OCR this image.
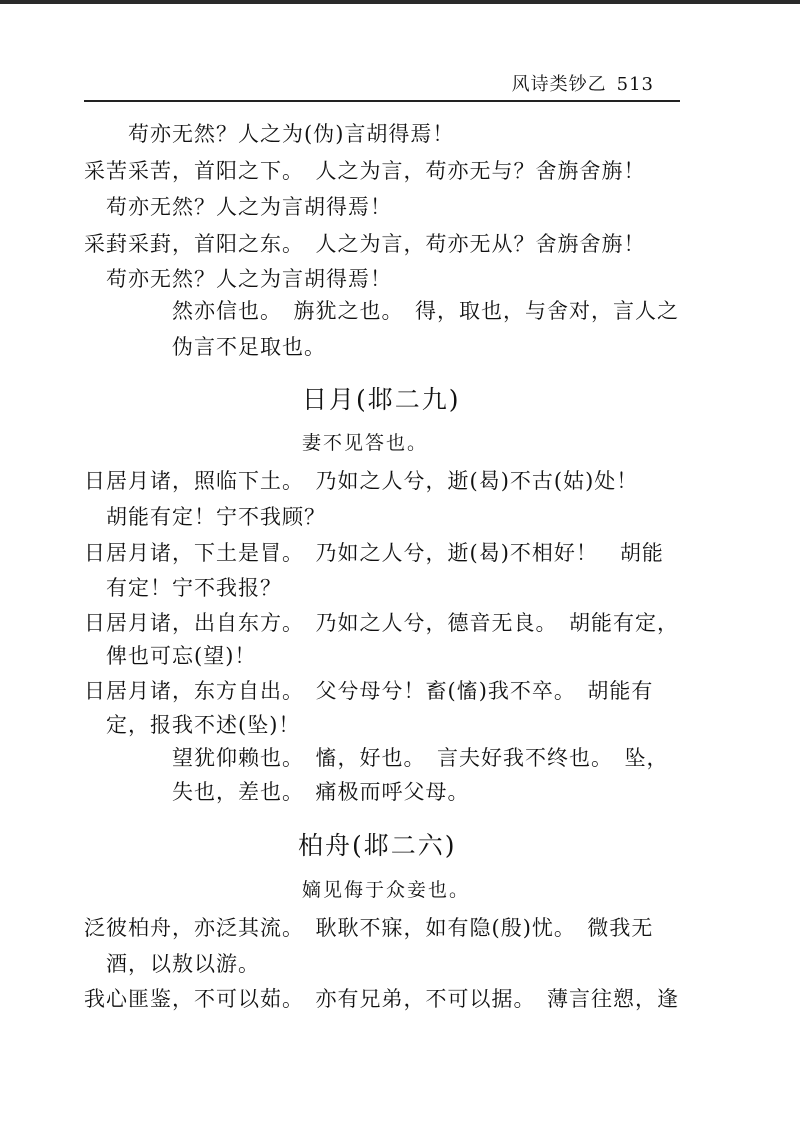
风诗类钞乙 513
苟亦无然？人之为(伪)言胡得焉！
采苦采苦，首阳之下。　人之为言，苟亦无与？舍旃舍旃！
苟亦无然？人之为言胡得焉！
采葑采葑，首阳之东。　人之为言，苟亦无从？舍旃舍旃！
苟亦无然？人之为言胡得焉！
然亦信也。　旃犹之也。　得，取也，与舍对，言人之
伪言不足取也。
日月(邶二九)
妻不见答也。
日居月诸，照临下土。　乃如之人兮，逝(曷)不古(姑)处！
胡能有定！宁不我顾？
日居月诸，下土是冒。　乃如之人兮，逝(曷)不相好！　胡能
有定！宁不我报？
日居月诸，出自东方。　乃如之人兮，德音无良。　胡能有定，
俾也可忘(望)！
日居月诸，东方自出。　父兮母兮！畜(慉)我不卒。　胡能有
定，报我不述(坠)！
望犹仰赖也。　慉，好也。　言夫好我不终也。　坠，
失也，差也。　痛极而呼父母。
柏舟(邶二六)
嫡见侮于众妾也。
泛彼柏舟，亦泛其流。　耿耿不寐，如有隐(殷)忧。　微我无
酒，以敖以游。
我心匪鉴，不可以茹。　亦有兄弟，不可以据。　薄言往愬，逢
